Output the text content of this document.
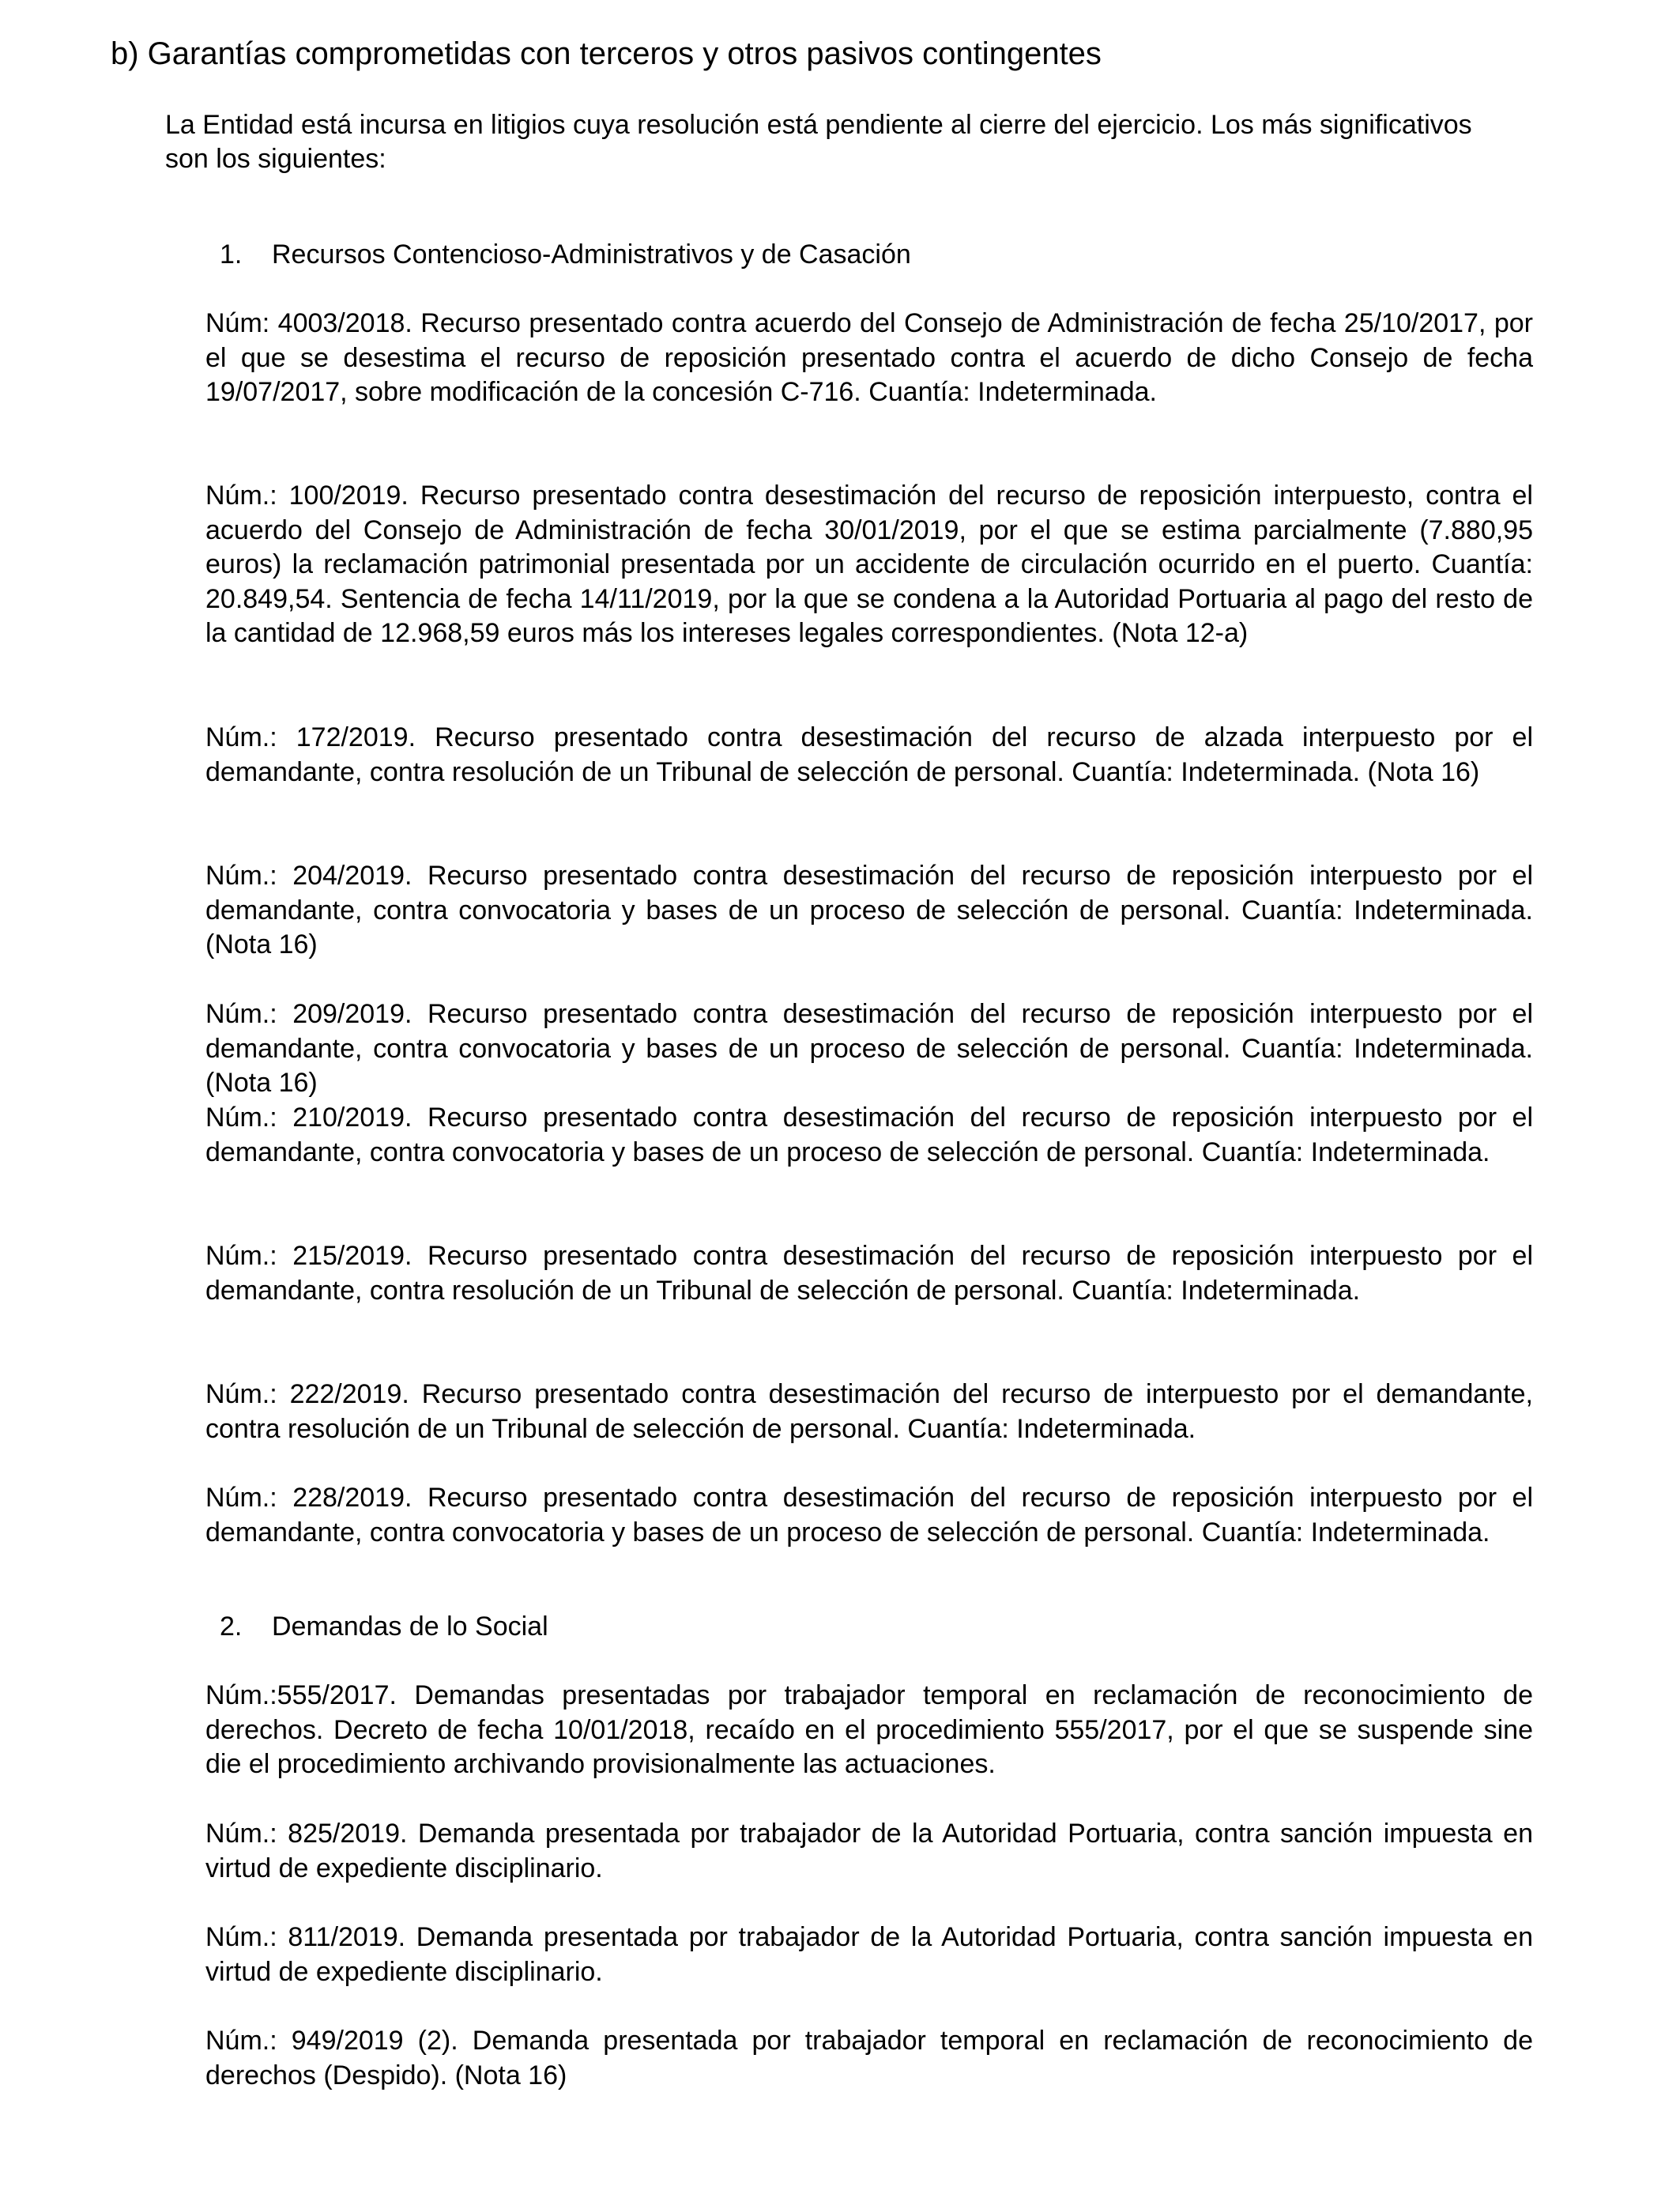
b) Garantías comprometidas con terceros y otros pasivos contingentes
La Entidad está incursa en litigios cuya resolución está pendiente al cierre del ejercicio. Los más significativos son los siguientes:
1. Recursos Contencioso-Administrativos y de Casación
Núm: 4003/2018. Recurso presentado contra acuerdo del Consejo de Administración de fecha 25/10/2017, por el que se desestima el recurso de reposición presentado contra el acuerdo de dicho Consejo de fecha 19/07/2017, sobre modificación de la concesión C-716. Cuantía: Indeterminada.
Núm.: 100/2019. Recurso presentado contra desestimación del recurso de reposición interpuesto, contra el acuerdo del Consejo de Administración de fecha 30/01/2019, por el que se estima parcialmente (7.880,95 euros) la reclamación patrimonial presentada por un accidente de circulación ocurrido en el puerto. Cuantía: 20.849,54. Sentencia de fecha 14/11/2019, por la que se condena a la Autoridad Portuaria al pago del resto de la cantidad de 12.968,59 euros más los intereses legales correspondientes. (Nota 12-a)
Núm.: 172/2019. Recurso presentado contra desestimación del recurso de alzada interpuesto por el demandante, contra resolución de un Tribunal de selección de personal. Cuantía: Indeterminada. (Nota 16)
Núm.: 204/2019. Recurso presentado contra desestimación del recurso de reposición interpuesto por el demandante, contra convocatoria y bases de un proceso de selección de personal. Cuantía: Indeterminada. (Nota 16)
Núm.: 209/2019. Recurso presentado contra desestimación del recurso de reposición interpuesto por el demandante, contra convocatoria y bases de un proceso de selección de personal. Cuantía: Indeterminada. (Nota 16)
Núm.: 210/2019. Recurso presentado contra desestimación del recurso de reposición interpuesto por el demandante, contra convocatoria y bases de un proceso de selección de personal. Cuantía: Indeterminada.
Núm.: 215/2019. Recurso presentado contra desestimación del recurso de reposición interpuesto por el demandante, contra resolución de un Tribunal de selección de personal. Cuantía: Indeterminada.
Núm.: 222/2019. Recurso presentado contra desestimación del recurso de interpuesto por el demandante, contra resolución de un Tribunal de selección de personal. Cuantía: Indeterminada.
Núm.: 228/2019. Recurso presentado contra desestimación del recurso de reposición interpuesto por el demandante, contra convocatoria y bases de un proceso de selección de personal. Cuantía: Indeterminada.
2. Demandas de lo Social
Núm.:555/2017. Demandas presentadas por trabajador temporal en reclamación de reconocimiento de derechos. Decreto de fecha 10/01/2018, recaído en el procedimiento 555/2017, por el que se suspende sine die el procedimiento archivando provisionalmente las actuaciones.
Núm.: 825/2019. Demanda presentada por trabajador de la Autoridad Portuaria, contra sanción impuesta en virtud de expediente disciplinario.
Núm.: 811/2019. Demanda presentada por trabajador de la Autoridad Portuaria, contra sanción impuesta en virtud de expediente disciplinario.
Núm.: 949/2019 (2). Demanda presentada por trabajador temporal en reclamación de reconocimiento de derechos (Despido). (Nota 16)
